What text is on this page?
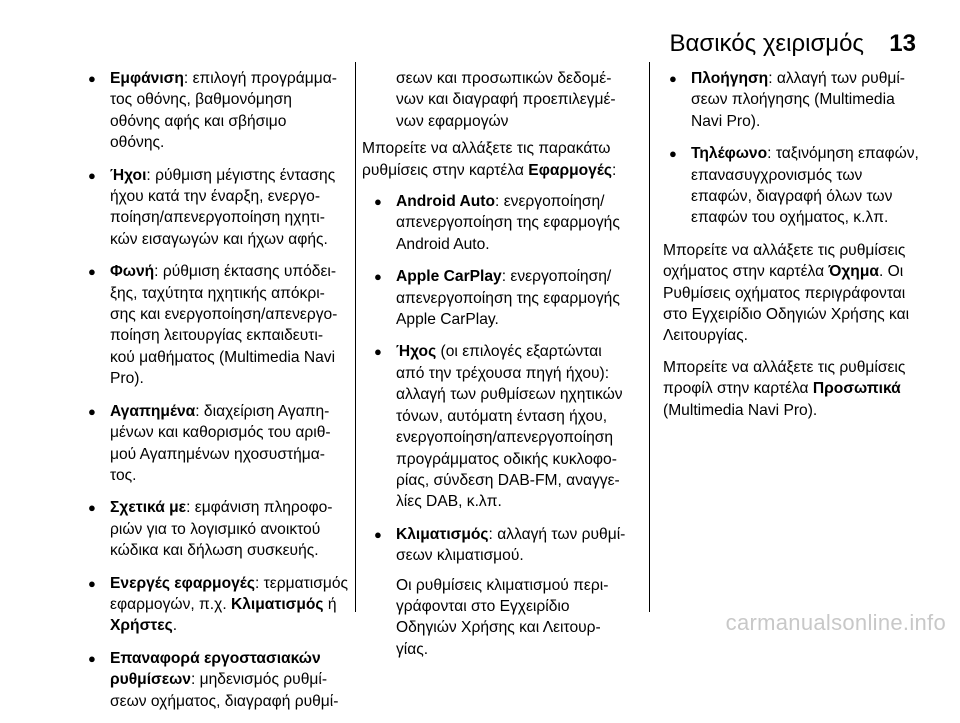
Βασικός χειρισμός 13
● Εμφάνιση: επιλογή προγράμμα-
τος οθόνης, βαθμονόμηση
οθόνης αφής και σβήσιμο
οθόνης.
● Ήχοι: ρύθμιση μέγιστης έντασης
ήχου κατά την έναρξη, ενεργο-
ποίηση/απενεργοποίηση ηχητι-
κών εισαγωγών και ήχων αφής.
● Φωνή: ρύθμιση έκτασης υπόδει-
ξης, ταχύτητα ηχητικής απόκρι-
σης και ενεργοποίηση/απενεργο-
ποίηση λειτουργίας εκπαιδευτι-
κού μαθήματος (Multimedia Navi
Pro).
● Αγαπημένα: διαχείριση Αγαπη-
μένων και καθορισμός του αριθ-
μού Αγαπημένων ηχοσυστήμα-
τος.
● Σχετικά με: εμφάνιση πληροφο-
ριών για το λογισμικό ανοικτού
κώδικα και δήλωση συσκευής.
● Ενεργές εφαρμογές: τερματισμός
εφαρμογών, π.χ. Κλιματισμός ή
Χρήστες.
● Επαναφορά εργοστασιακών
ρυθμίσεων: μηδενισμός ρυθμί-
σεων οχήματος, διαγραφή ρυθμί-
σεων και προσωπικών δεδομέ-
νων και διαγραφή προεπιλεγμέ-
νων εφαρμογών
Μπορείτε να αλλάξετε τις παρακάτω
ρυθμίσεις στην καρτέλα Εφαρμογές:
● Android Auto: ενεργοποίηση/
απενεργοποίηση της εφαρμογής
Android Auto.
● Apple CarPlay: ενεργοποίηση/
απενεργοποίηση της εφαρμογής
Apple CarPlay.
● Ήχος (οι επιλογές εξαρτώνται
από την τρέχουσα πηγή ήχου):
αλλαγή των ρυθμίσεων ηχητικών
τόνων, αυτόματη ένταση ήχου,
ενεργοποίηση/απενεργοποίηση
προγράμματος οδικής κυκλοφο-
ρίας, σύνδεση DAB-FM, αναγγε-
λίες DAB, κ.λπ.
● Κλιματισμός: αλλαγή των ρυθμί-
σεων κλιματισμού.
Οι ρυθμίσεις κλιματισμού περι-
γράφονται στο Εγχειρίδιο
Οδηγιών Χρήσης και Λειτουρ-
γίας.
● Πλοήγηση: αλλαγή των ρυθμί-
σεων πλοήγησης (Multimedia
Navi Pro).
● Τηλέφωνο: ταξινόμηση επαφών,
επανασυγχρονισμός των
επαφών, διαγραφή όλων των
επαφών του οχήματος, κ.λπ.
Μπορείτε να αλλάξετε τις ρυθμίσεις
οχήματος στην καρτέλα Όχημα. Οι
Ρυθμίσεις οχήματος περιγράφονται
στο Εγχειρίδιο Οδηγιών Χρήσης και
Λειτουργίας.
Μπορείτε να αλλάξετε τις ρυθμίσεις
προφίλ στην καρτέλα Προσωπικά
(Multimedia Navi Pro).
carmanualsonline.info
